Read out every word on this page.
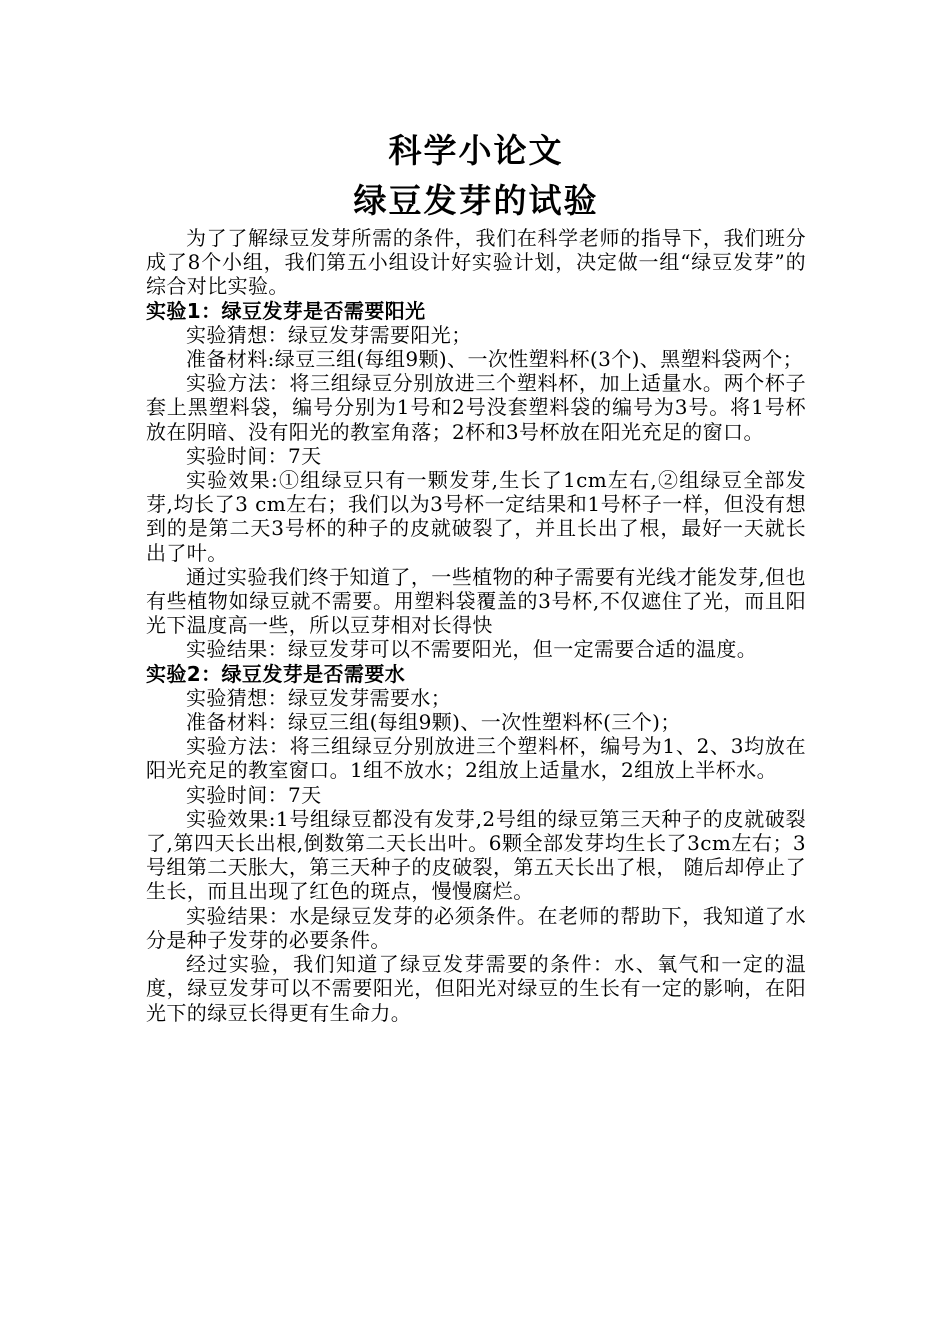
科学小论文
绿豆发芽的试验

为了了解绿豆发芽所需的条件，我们在科学老师的指导下，我们班分成了8个小组，我们第五小组设计好实验计划，决定做一组“绿豆发芽”的综合对比实验。

实验1：绿豆发芽是否需要阳光

实验猜想：绿豆发芽需要阳光；

准备材料:绿豆三组(每组9颗)、一次性塑料杯(3个)、黑塑料袋两个；

实验方法：将三组绿豆分别放进三个塑料杯，加上适量水。两个杯子套上黑塑料袋，编号分别为1号和2号没套塑料袋的编号为3号。将1号杯放在阴暗、没有阳光的教室角落；2杯和3号杯放在阳光充足的窗口。

实验时间：7天

实验效果:①组绿豆只有一颗发芽,生长了1cm左右,②组绿豆全部发芽,均长了3 cm左右；我们以为3号杯一定结果和1号杯子一样，但没有想到的是第二天3号杯的种子的皮就破裂了，并且长出了根，最好一天就长出了叶。

通过实验我们终于知道了，一些植物的种子需要有光线才能发芽,但也有些植物如绿豆就不需要。用塑料袋覆盖的3号杯,不仅遮住了光，而且阳光下温度高一些，所以豆芽相对长得快

实验结果：绿豆发芽可以不需要阳光，但一定需要合适的温度。

实验2：绿豆发芽是否需要水

实验猜想：绿豆发芽需要水；

准备材料：绿豆三组(每组9颗)、一次性塑料杯(三个)；

实验方法：将三组绿豆分别放进三个塑料杯，编号为1、2、3均放在阳光充足的教室窗口。1组不放水；2组放上适量水，2组放上半杯水。

实验时间：7天

实验效果:1号组绿豆都没有发芽,2号组的绿豆第三天种子的皮就破裂了,第四天长出根,倒数第二天长出叶。6颗全部发芽均生长了3cm左右；3号组第二天胀大，第三天种子的皮破裂，第五天长出了根， 随后却停止了生长，而且出现了红色的斑点，慢慢腐烂。

实验结果：水是绿豆发芽的必须条件。在老师的帮助下，我知道了水分是种子发芽的必要条件。

经过实验，我们知道了绿豆发芽需要的条件：水、氧气和一定的温度，绿豆发芽可以不需要阳光，但阳光对绿豆的生长有一定的影响，在阳光下的绿豆长得更有生命力。
